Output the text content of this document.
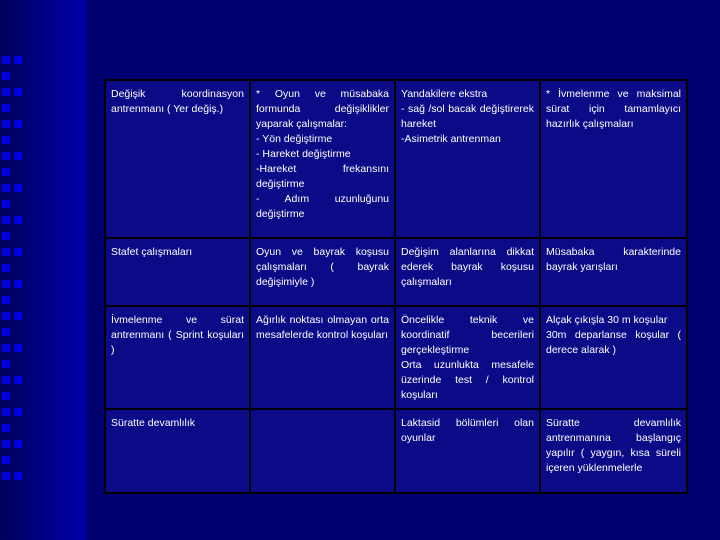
Değişik koordinasyon antrenmanı ( Yer değiş.)	* Oyun ve müsabaka formunda değişiklikler yaparak çalışmalar:
- Yön değiştirme
- Hareket değiştirme
-Hareket frekansını değiştirme
- Adım uzunluğunu değiştirme	Yandakilere ekstra
- sağ /sol bacak değiştirerek hareket
-Asimetrik antrenman	* İvmelenme ve maksimal sürat için tamamlayıcı hazırlık çalışmaları

Stafet çalışmaları	Oyun ve bayrak koşusu çalışmaları ( bayrak değişimiyle )	Değişim alanlarına dikkat ederek bayrak koşusu çalışmaları	Müsabaka karakterinde bayrak yarışları

İvmelenme ve sürat antrenmanı ( Sprint koşuları )	Ağırlık noktası olmayan orta mesafelerde kontrol koşuları	Öncelikle teknik ve koordinatif becerileri gerçekleştirme
Orta uzunlukta mesafele üzerinde test / kontrol koşuları	Alçak çıkışla 30 m koşular
30m deparlanse koşular ( derece alarak )

Süratte devamlılık		Laktasid bölümleri olan oyunlar	Süratte devamlılık antrenmanına başlangıç yapılır ( yaygın, kısa süreli içeren yüklenmelerle
